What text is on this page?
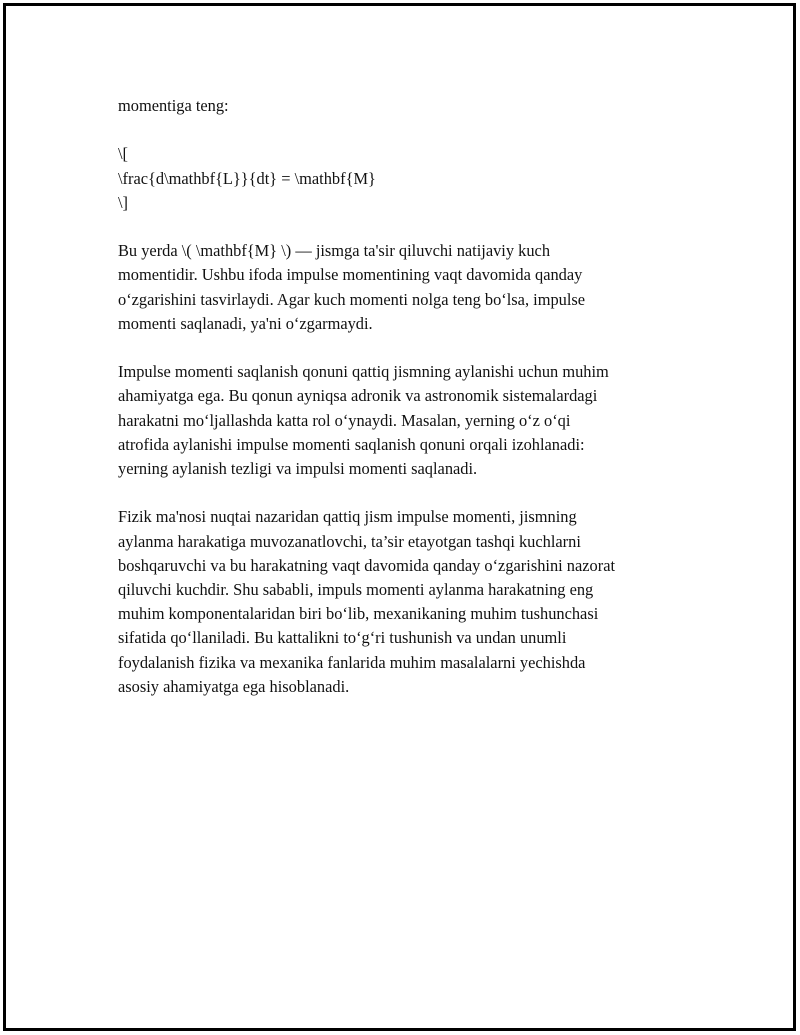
momentiga teng:

\[
\frac{d\mathbf{L}}{dt} = \mathbf{M}
\]

Bu yerda \( \mathbf{M} \) — jismga ta'sir qiluvchi natijaviy kuch
momentidir. Ushbu ifoda impulse momentining vaqt davomida qanday
o‘zgarishini tasvirlaydi. Agar kuch momenti nolga teng bo‘lsa, impulse
momenti saqlanadi, ya'ni o‘zgarmaydi.

Impulse momenti saqlanish qonuni qattiq jismning aylanishi uchun muhim
ahamiyatga ega. Bu qonun ayniqsa adronik va astronomik sistemalardagi
harakatni mo‘ljallashda katta rol o‘ynaydi. Masalan, yerning o‘z o‘qi
atrofida aylanishi impulse momenti saqlanish qonuni orqali izohlanadi:
yerning aylanish tezligi va impulsi momenti saqlanadi.

Fizik ma'nosi nuqtai nazaridan qattiq jism impulse momenti, jismning
aylanma harakatiga muvozanatlovchi, ta’sir etayotgan tashqi kuchlarni
boshqaruvchi va bu harakatning vaqt davomida qanday o‘zgarishini nazorat
qiluvchi kuchdir. Shu sababli, impuls momenti aylanma harakatning eng
muhim komponentalaridan biri bo‘lib, mexanikaning muhim tushunchasi
sifatida qo‘llaniladi. Bu kattalikni to‘g‘ri tushunish va undan unumli
foydalanish fizika va mexanika fanlarida muhim masalalarni yechishda
asosiy ahamiyatga ega hisoblanadi.
